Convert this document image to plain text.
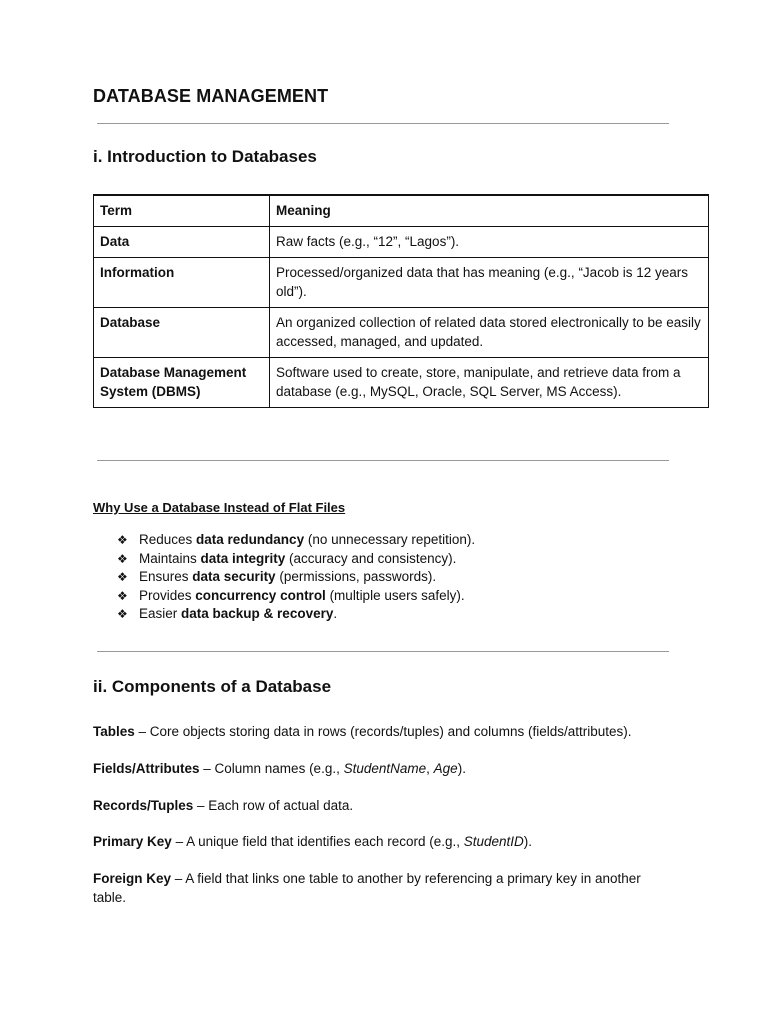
DATABASE MANAGEMENT
i. Introduction to Databases
Term	Meaning
Data	Raw facts (e.g., “12”, “Lagos”).
Information	Processed/organized data that has meaning (e.g., “Jacob is 12 years old”).
Database	An organized collection of related data stored electronically to be easily accessed, managed, and updated.
Database Management System (DBMS)	Software used to create, store, manipulate, and retrieve data from a database (e.g., MySQL, Oracle, SQL Server, MS Access).
Why Use a Database Instead of Flat Files
❖ Reduces data redundancy (no unnecessary repetition).
❖ Maintains data integrity (accuracy and consistency).
❖ Ensures data security (permissions, passwords).
❖ Provides concurrency control (multiple users safely).
❖ Easier data backup & recovery.
ii. Components of a Database

Tables – Core objects storing data in rows (records/tuples) and columns (fields/attributes).

Fields/Attributes – Column names (e.g., StudentName, Age).

Records/Tuples – Each row of actual data.

Primary Key – A unique field that identifies each record (e.g., StudentID).

Foreign Key – A field that links one table to another by referencing a primary key in another table.
